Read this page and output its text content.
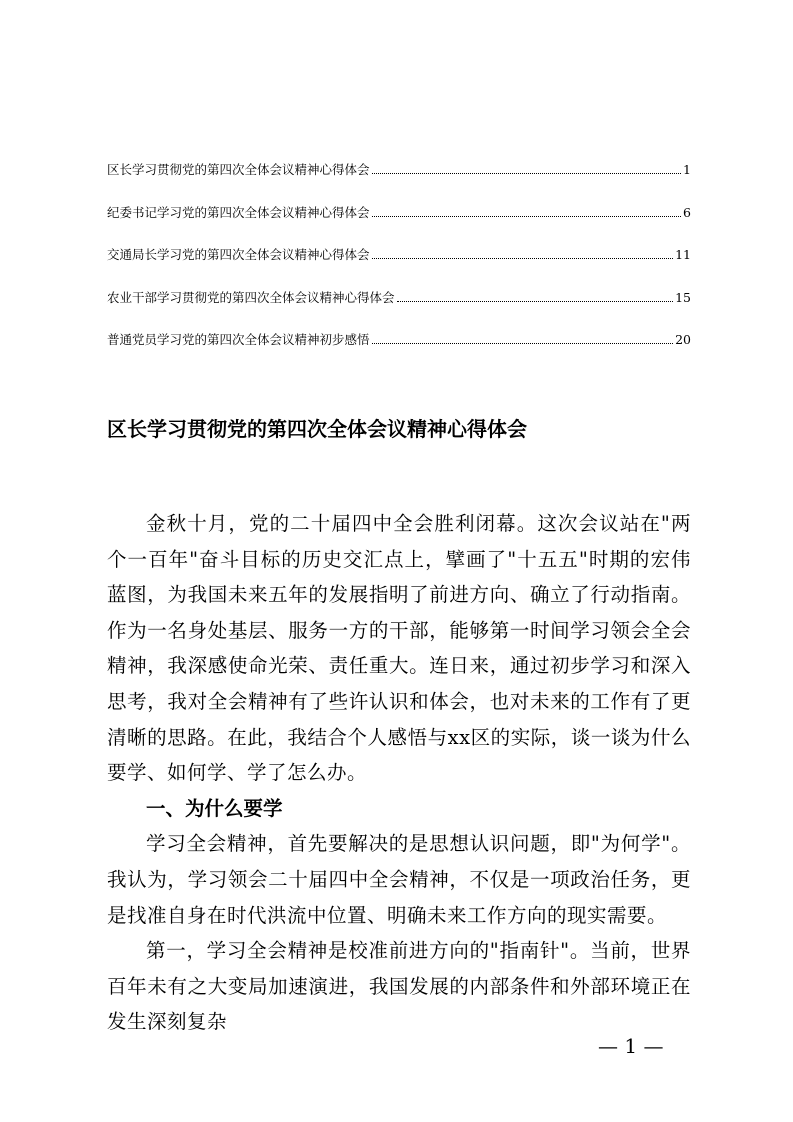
区长学习贯彻党的第四次全体会议精神心得体会	1
纪委书记学习党的第四次全体会议精神心得体会	6
交通局长学习党的第四次全体会议精神心得体会	11
农业干部学习贯彻党的第四次全体会议精神心得体会	15
普通党员学习党的第四次全体会议精神初步感悟	20
区长学习贯彻党的第四次全体会议精神心得体会

金秋十月，党的二十届四中全会胜利闭幕。这次会议站在"两个一百年"奋斗目标的历史交汇点上，擘画了"十五五"时期的宏伟蓝图，为我国未来五年的发展指明了前进方向、确立了行动指南。作为一名身处基层、服务一方的干部，能够第一时间学习领会全会精神，我深感使命光荣、责任重大。连日来，通过初步学习和深入思考，我对全会精神有了些许认识和体会，也对未来的工作有了更清晰的思路。在此，我结合个人感悟与xx区的实际，谈一谈为什么要学、如何学、学了怎么办。

一、为什么要学

学习全会精神，首先要解决的是思想认识问题，即"为何学"。我认为，学习领会二十届四中全会精神，不仅是一项政治任务，更是找准自身在时代洪流中位置、明确未来工作方向的现实需要。

第一，学习全会精神是校准前进方向的"指南针"。当前，世界百年未有之大变局加速演进，我国发展的内部条件和外部环境正在发生深刻复杂

— 1 —
